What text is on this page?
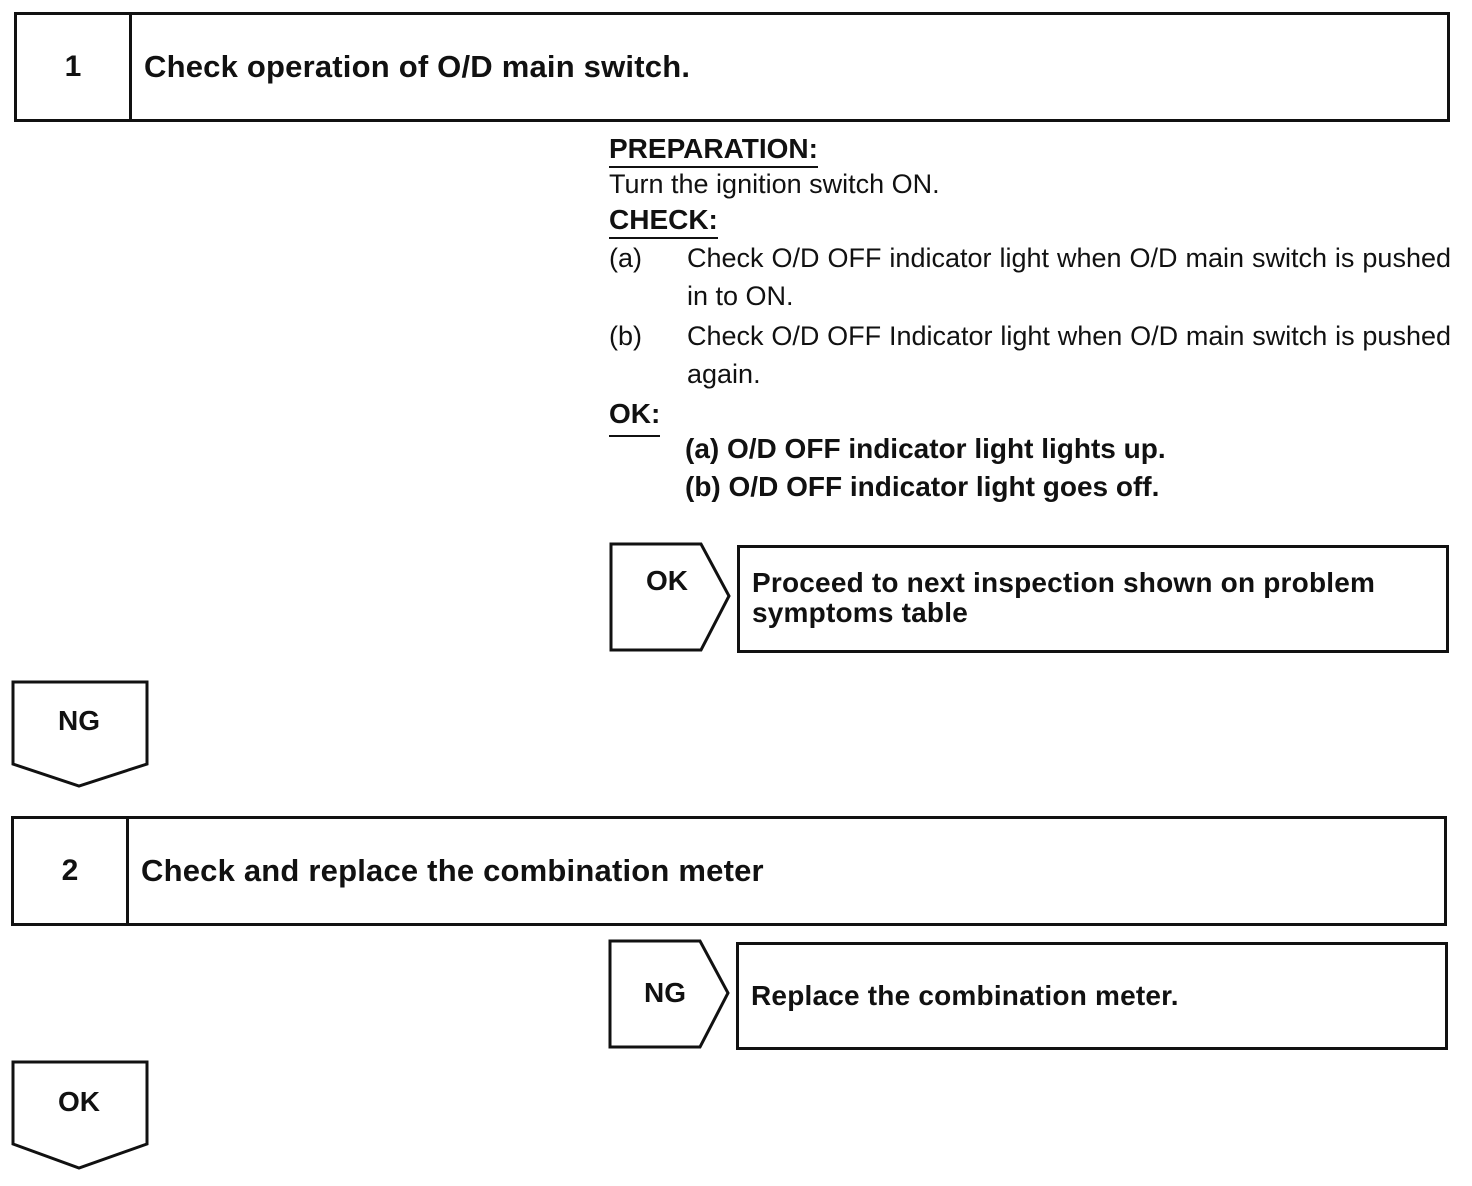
1	Check operation of O/D main switch.
PREPARATION:
Turn the ignition switch ON.
CHECK:
(a)	Check O/D OFF indicator light when O/D main switch is pushed in to ON.
(b)	Check O/D OFF Indicator light when O/D main switch is pushed again.
OK:
(a) O/D OFF indicator light lights up.
(b) O/D OFF indicator light goes off.
OK	Proceed to next inspection shown on problem symptoms table
NG
2	Check and replace the combination meter
NG	Replace the combination meter.
OK
